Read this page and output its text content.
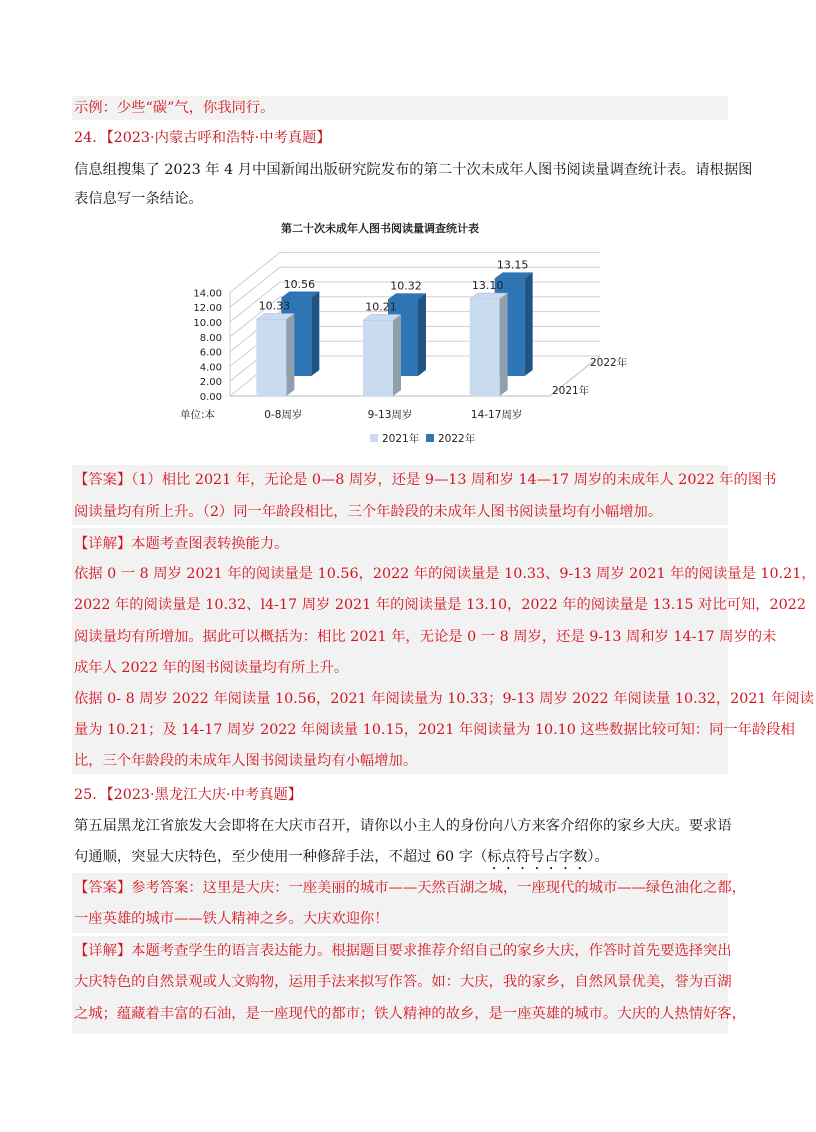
示例：少些“碳”气，你我同行。
24．【2023·内蒙古呼和浩特·中考真题】
信息组搜集了 2023 年 4 月中国新闻出版研究院发布的第二十次未成年人图书阅读量调查统计表。请根据图
表信息写一条结论。
第二十次未成年人图书阅读量调查统计表
0.00
2.00
4.00
6.00
8.00
10.00
12.00
14.00
10.56	10.32
13.15
10.33	10.21
13.10
2022年
2021年
单位:本	0-8周岁	9-13周岁	14-17周岁
2021年 2022年
【答案】（1）相比 2021 年，无论是 0—8 周岁，还是 9—13 周和岁 14—17 周岁的未成年人 2022 年的图书
阅读量均有所上升。（2）同一年龄段相比，三个年龄段的未成年人图书阅读量均有小幅增加。
【详解】本题考查图表转换能力。
依据 0 一 8 周岁 2021 年的阅读量是 10.56，2022 年的阅读量是 10.33、9-13 周岁 2021 年的阅读量是 10.21，
2022 年的阅读量是 10.32、l4-17 周岁 2021 年的阅读量是 13.10，2022 年的阅读量是 13.15 对比可知，2022
阅读量均有所增加。据此可以概括为：相比 2021 年，无论是 0 一 8 周岁，还是 9-13 周和岁 14-17 周岁的未
成年人 2022 年的图书阅读量均有所上升。
依据 0- 8 周岁 2022 年阅读量 10.56，2021 年阅读量为 10.33；9-13 周岁 2022 年阅读量 10.32，2021 年阅读
量为 10.21；及 14-17 周岁 2022 年阅读量 10.15，2021 年阅读量为 10.10 这些数据比较可知：同一年龄段相
比，三个年龄段的未成年人图书阅读量均有小幅增加。
25．【2023·黑龙江大庆·中考真题】
第五届黑龙江省旅发大会即将在大庆市召开，请你以小主人的身份向八方来客介绍你的家乡大庆。要求语
句通顺，突显大庆特色，至少使用一种修辞手法，不超过 60 字（标点符号占字数）。
【答案】参考答案：这里是大庆：一座美丽的城市——天然百湖之城，一座现代的城市——绿色油化之都，
一座英雄的城市——铁人精神之乡。大庆欢迎你！
【详解】本题考查学生的语言表达能力。根据题目要求推荐介绍自己的家乡大庆，作答时首先要选择突出
大庆特色的自然景观或人文购物，运用手法来拟写作答。如：大庆，我的家乡，自然风景优美，誉为百湖
之城；蕴藏着丰富的石油，是一座现代的都市；铁人精神的故乡，是一座英雄的城市。大庆的人热情好客，
